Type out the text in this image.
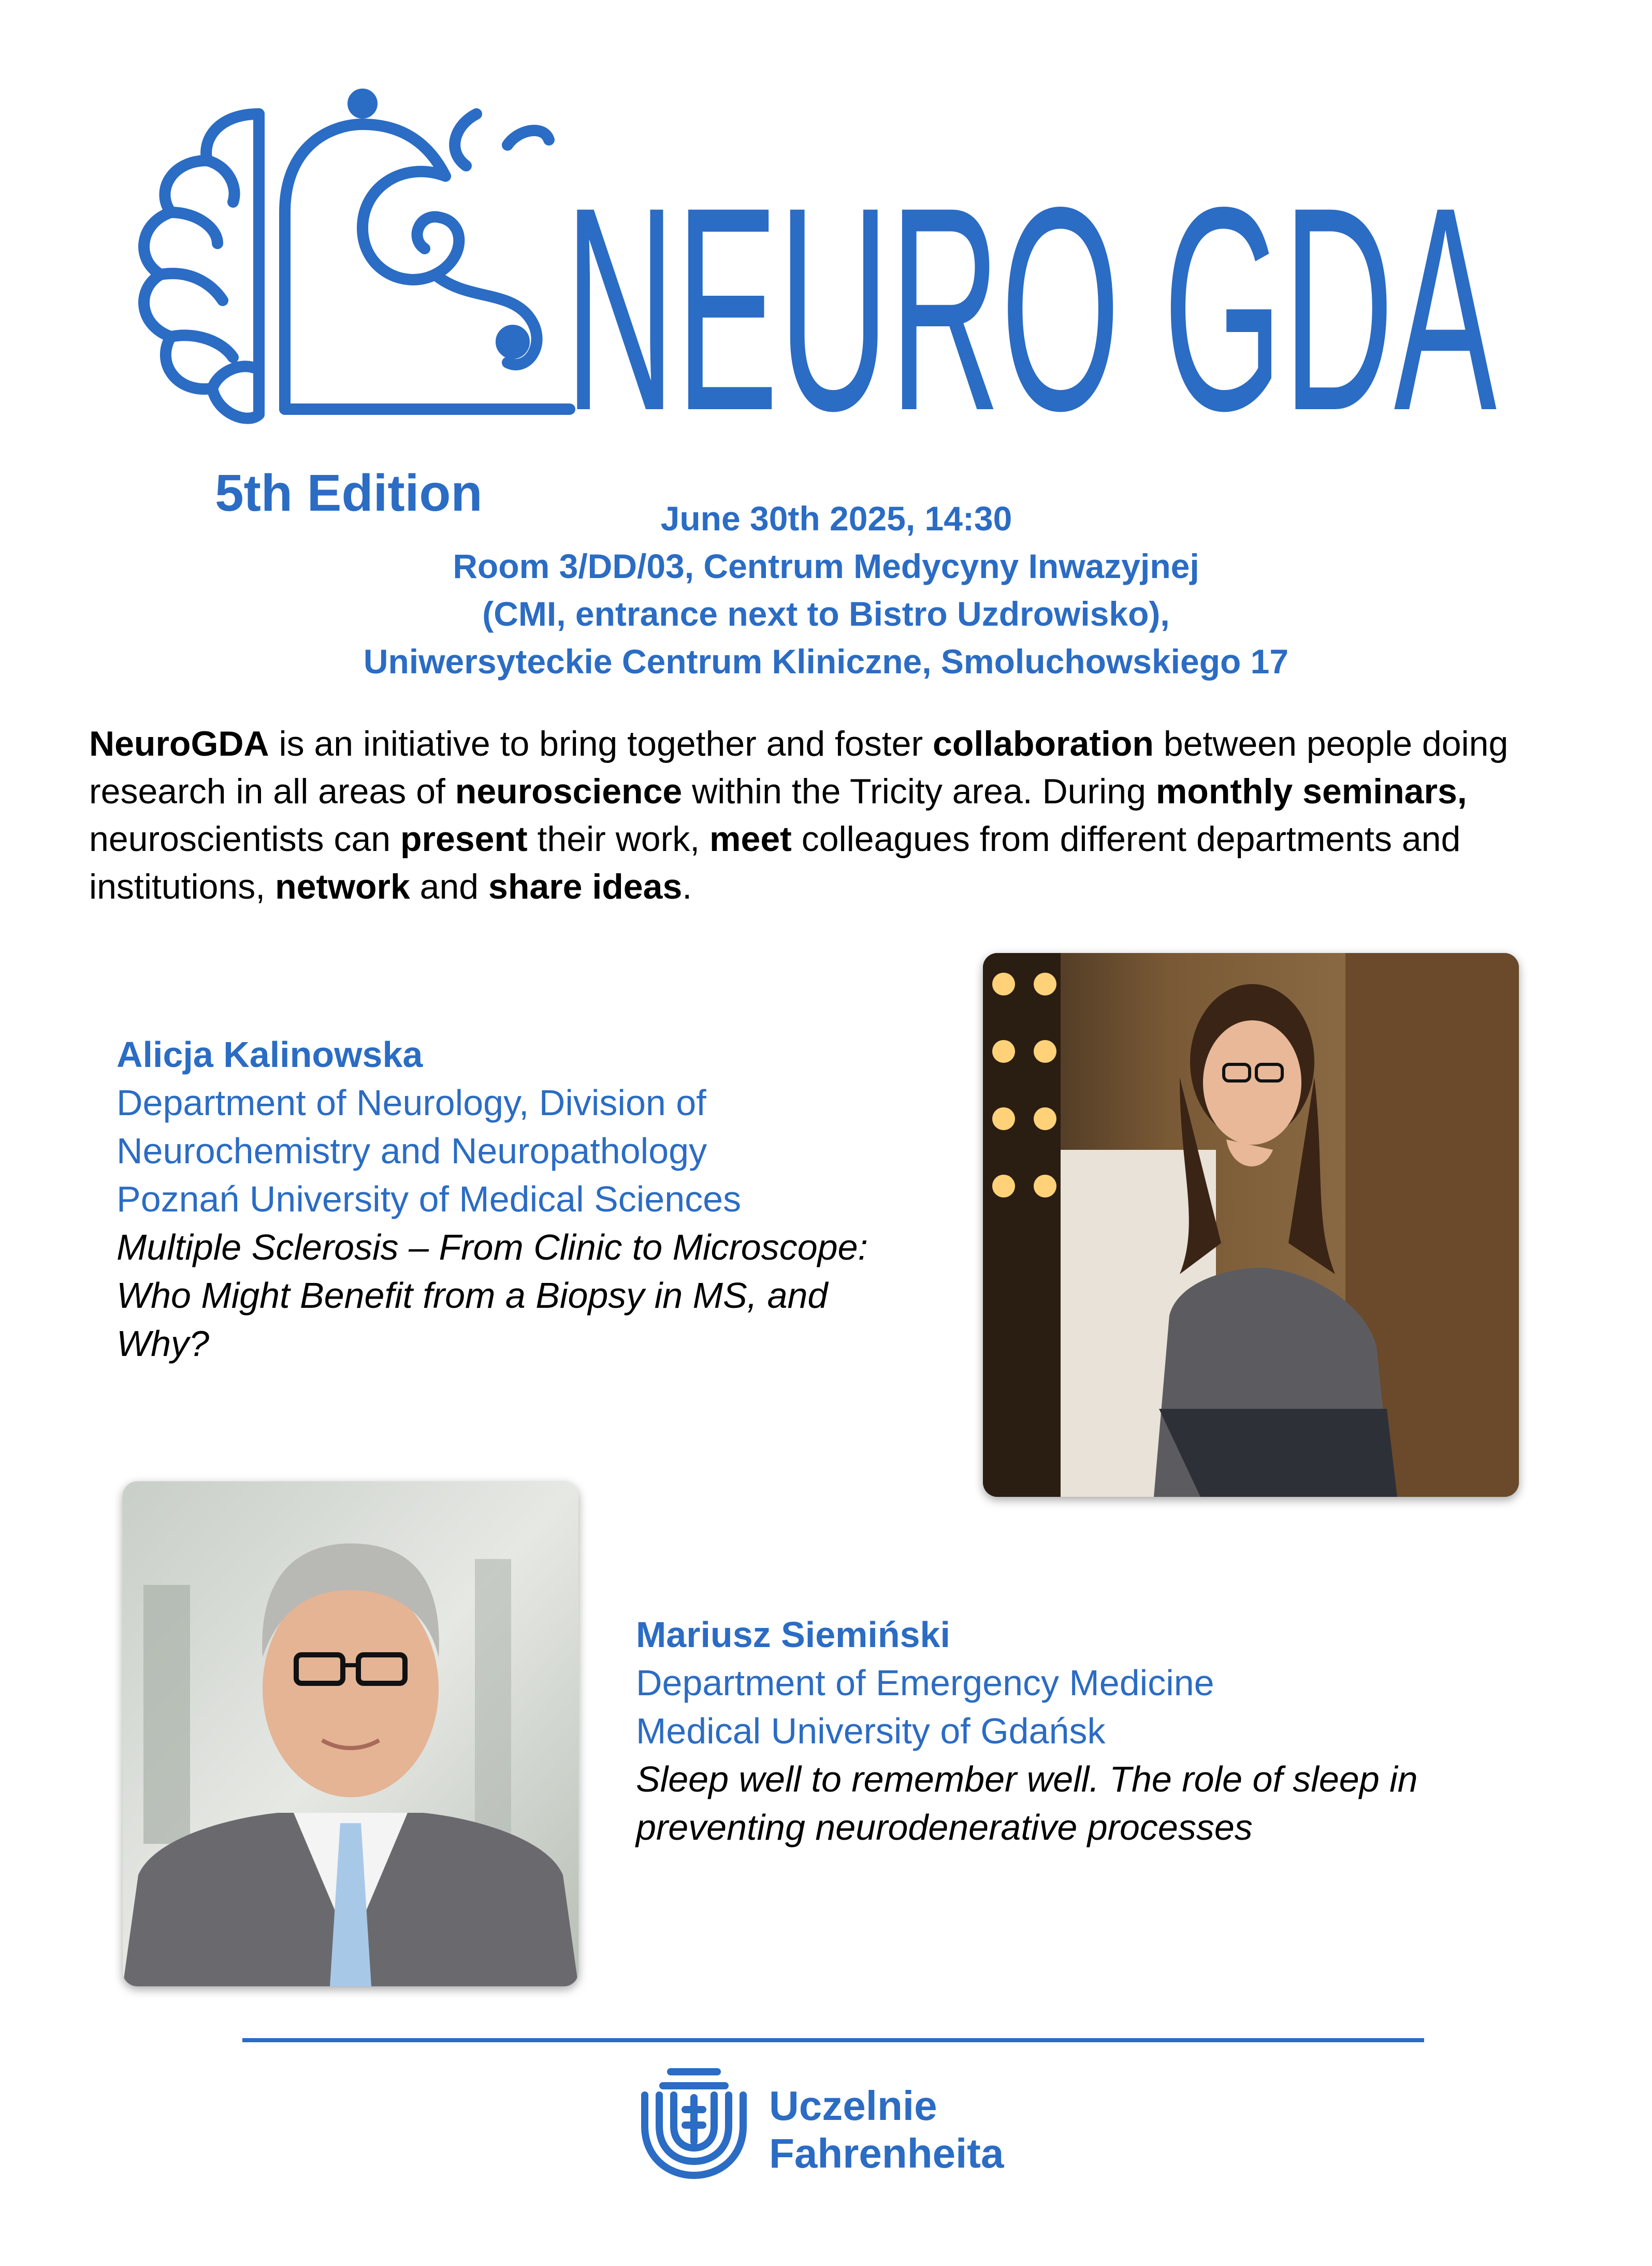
NEURO GDA
5th Edition	June 30th 2025, 14:30
Room 3/DD/03, Centrum Medycyny Inwazyjnej
(CMI, entrance next to Bistro Uzdrowisko),
Uniwersyteckie Centrum Kliniczne, Smoluchowskiego 17
NeuroGDA is an initiative to bring together and foster collaboration between people doing research in all areas of neuroscience within the Tricity area. During monthly seminars, neuroscientists can present their work, meet colleagues from different departments and institutions, network and share ideas.
Alicja Kalinowska
Department of Neurology, Division of
Neurochemistry and Neuropathology
Poznań University of Medical Sciences
Multiple Sclerosis – From Clinic to Microscope:
Who Might Benefit from a Biopsy in MS, and
Why?
Mariusz Siemiński
Department of Emergency Medicine
Medical University of Gdańsk
Sleep well to remember well. The role of sleep in
preventing neurodenerative processes
Uczelnie
Fahrenheita
